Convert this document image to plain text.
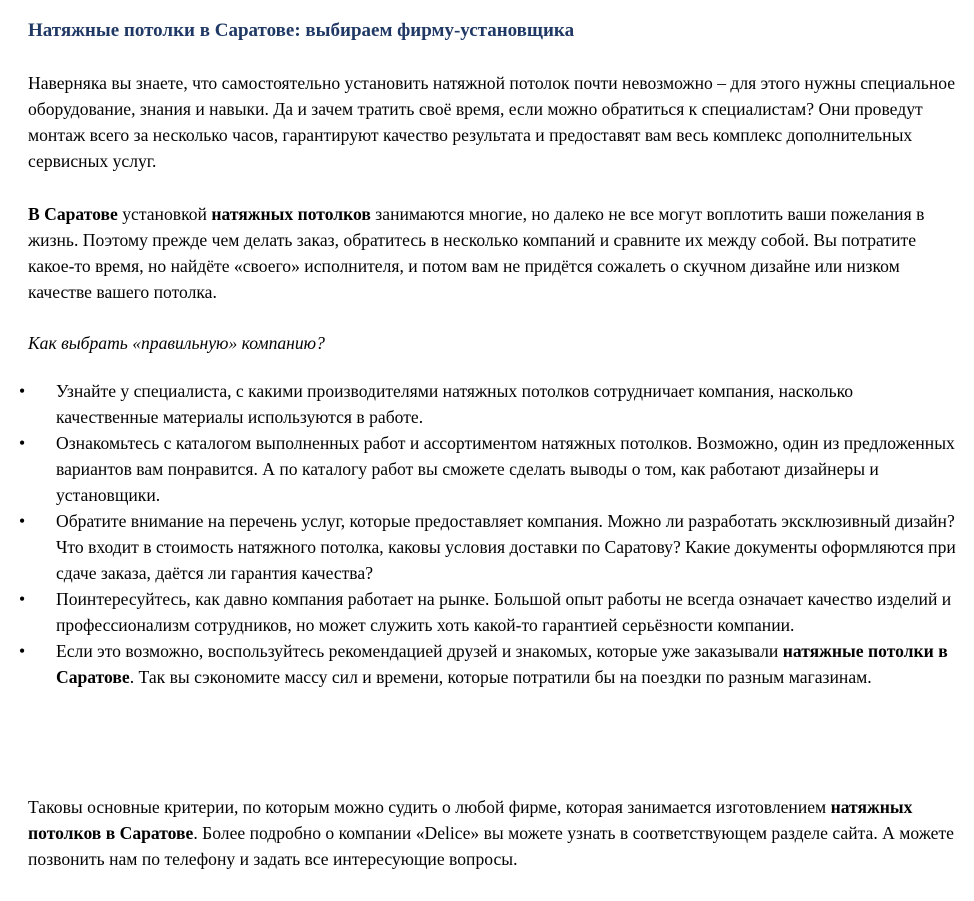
Натяжные потолки в Саратове: выбираем фирму-установщика

Наверняка вы знаете, что самостоятельно установить натяжной потолок почти невозможно – для этого нужны специальное оборудование, знания и навыки. Да и зачем тратить своё время, если можно обратиться к специалистам? Они проведут монтаж всего за несколько часов, гарантируют качество результата и предоставят вам весь комплекс дополнительных сервисных услуг.

В Саратове установкой натяжных потолков занимаются многие, но далеко не все могут воплотить ваши пожелания в жизнь. Поэтому прежде чем делать заказ, обратитесь в несколько компаний и сравните их между собой. Вы потратите какое-то время, но найдёте «своего» исполнителя, и потом вам не придётся сожалеть о скучном дизайне или низком качестве вашего потолка.

Как выбрать «правильную» компанию?

• Узнайте у специалиста, с какими производителями натяжных потолков сотрудничает компания, насколько качественные материалы используются в работе.
• Ознакомьтесь с каталогом выполненных работ и ассортиментом натяжных потолков. Возможно, один из предложенных вариантов вам понравится. А по каталогу работ вы сможете сделать выводы о том, как работают дизайнеры и установщики.
• Обратите внимание на перечень услуг, которые предоставляет компания. Можно ли разработать эксклюзивный дизайн? Что входит в стоимость натяжного потолка, каковы условия доставки по Саратову? Какие документы оформляются при сдаче заказа, даётся ли гарантия качества?
• Поинтересуйтесь, как давно компания работает на рынке. Большой опыт работы не всегда означает качество изделий и профессионализм сотрудников, но может служить хоть какой-то гарантией серьёзности компании.
• Если это возможно, воспользуйтесь рекомендацией друзей и знакомых, которые уже заказывали натяжные потолки в Саратове. Так вы сэкономите массу сил и времени, которые потратили бы на поездки по разным магазинам.

Таковы основные критерии, по которым можно судить о любой фирме, которая занимается изготовлением натяжных потолков в Саратове. Более подробно о компании «Delice» вы можете узнать в соответствующем разделе сайта. А можете позвонить нам по телефону и задать все интересующие вопросы.
